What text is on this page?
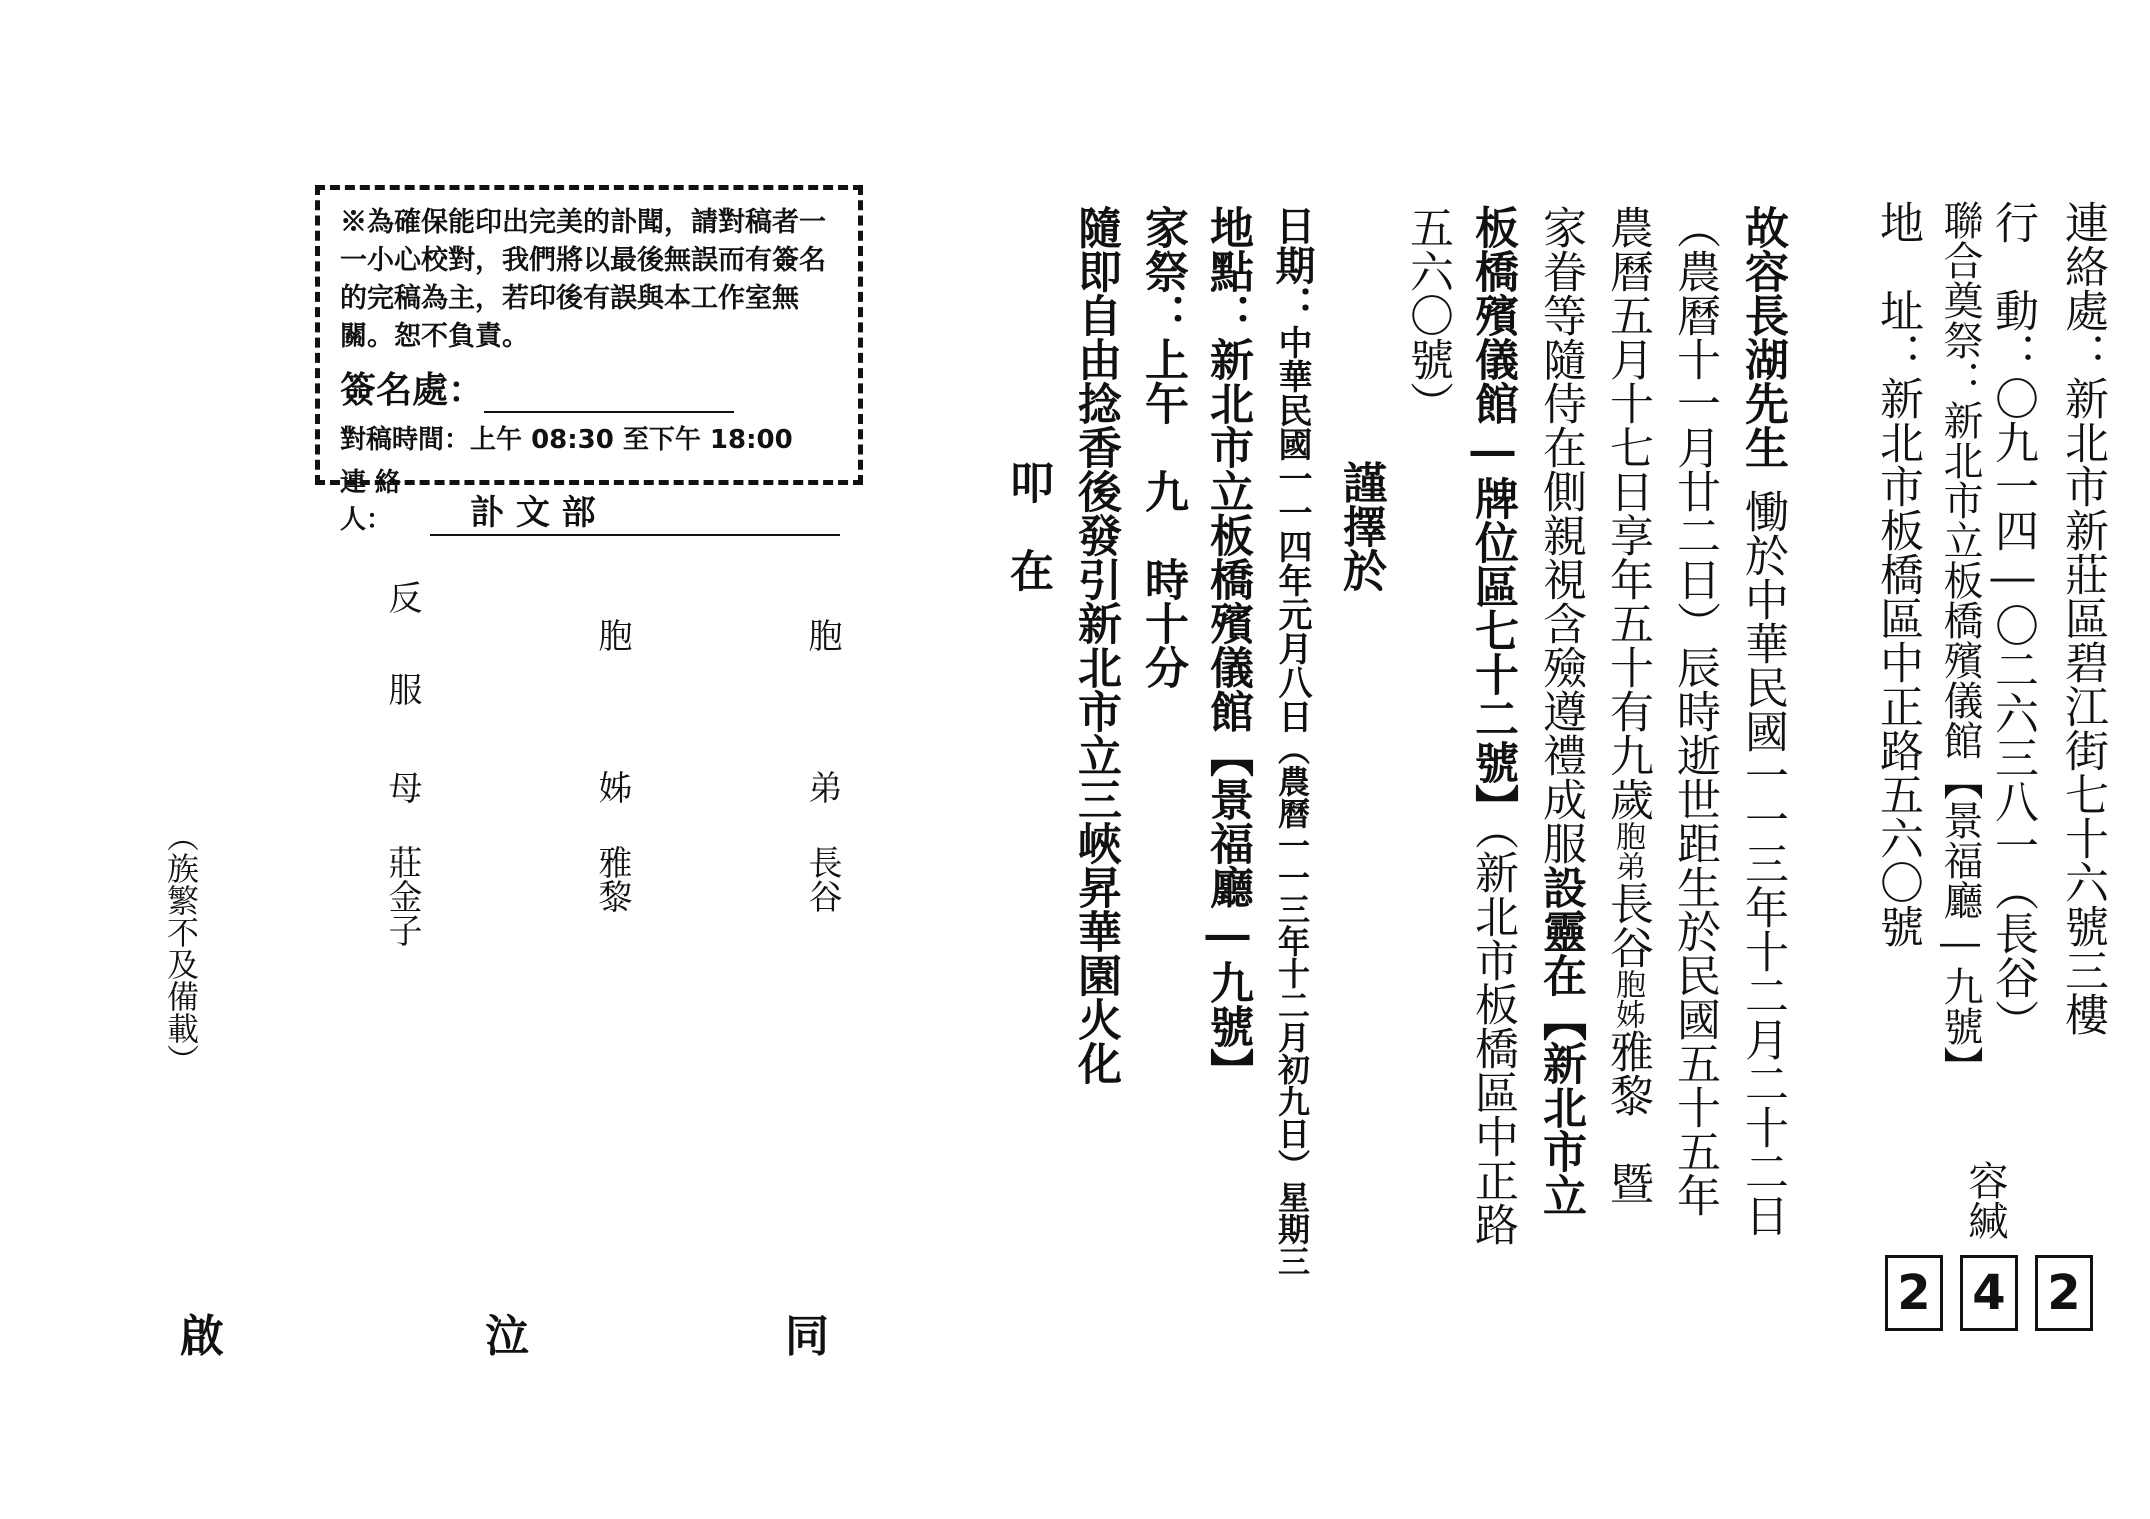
連絡處：新北市新莊區碧江街七十六號三樓
行　動：〇九一四―〇二六三八一（長谷）
聯合奠祭：新北市立板橋殯儀館【景福廳―九號】
地　址：新北市板橋區中正路五六〇號
容緘
2 4 2
故容長湖先生慟於中華民國一一三年十二月二十二日
（農曆十一月廿二日）辰時逝世距生於民國五十五年
農曆五月十七日享年五十有九歲胞弟長谷胞姊雅黎　暨
家眷等隨侍在側親視含殮遵禮成服設靈在【新北市立
板橋殯儀館―牌位區七十二號】（新北市板橋區中正路
五六〇號）
謹擇於
日期：中華民國一一四年元月八日（農曆一一三年十二月初九日）星期三
地點：新北市立板橋殯儀館【景福廳―九號】
家祭：上午　九　時十分
隨即自由捻香後發引新北市立三峽昇華園火化
叩　在
胞
弟
長谷
胞
姊
雅黎
反
服
母
莊金子
（族繁不及備載）
同
泣
啟
※為確保能印出完美的訃聞，請對稿者一一小心校對，我們將以最後無誤而有簽名的完稿為主，若印後有誤與本工作室無關。恕不負責。
簽名處：
對稿時間： 上午 08:30 至下午 18:00
連 絡 人：	訃 文 部
